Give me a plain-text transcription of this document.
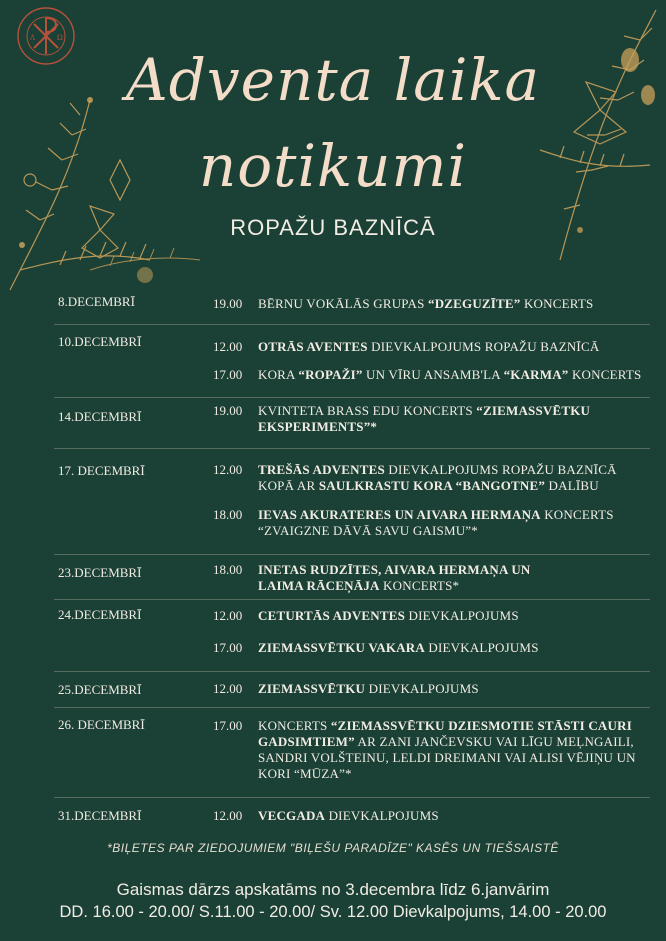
Λ	Ω
Adventa laika
notikumi
ROPAŽU BAZNĪCĀ
8.DECEMBRĪ	19.00 BĒRNU VOKĀLĀS GRUPAS “DZEGUZĪTE” KONCERTS
10.DECEMBRĪ	12.00 OTRĀS AVENTES DIEVKALPOJUMS ROPAŽU BAZNĪCĀ
17.00 KORA “ROPAŽI” UN VĪRU ANSAMB'LA “KARMA” KONCERTS
14.DECEMBRĪ	19.00 KVINTETA BRASS EDU KONCERTS “ZIEMASSVĒTKU EKSPERIMENTS”*
17. DECEMBRĪ	12.00 TREŠĀS ADVENTES DIEVKALPOJUMS ROPAŽU BAZNĪCĀ KOPĀ AR SAULKRASTU KORA “BANGOTNE” DALĪBU
18.00 IEVAS AKURATERES UN AIVARA HERMAŅA KONCERTS “ZVAIGZNE DĀVĀ SAVU GAISMU”*
23.DECEMBRĪ	18.00 INETAS RUDZĪTES, AIVARA HERMAŅA UN LAIMA RĀCEŅĀJA KONCERTS*
24.DECEMBRĪ	12.00 CETURTĀS ADVENTES DIEVKALPOJUMS
17.00 ZIEMASSVĒTKU VAKARA DIEVKALPOJUMS
25.DECEMBRĪ	12.00 ZIEMASSVĒTKU DIEVKALPOJUMS
26. DECEMBRĪ	17.00 KONCERTS “ZIEMASSVĒTKU DZIESMOTIE STĀSTI CAURI GADSIMTIEM” AR ZANI JANČEVSKU VAI LĪGU MEĻNGAILI, SANDRI VOLŠTEINU, LELDI DREIMANI VAI ALISI VĒJIŅU UN KORI “MŪZA”*
31.DECEMBRĪ	12.00 VECGADA DIEVKALPOJUMS
*BIĻETES PAR ZIEDOJUMIEM "BIĻEŠU PARADĪZE" KASĒS UN TIEŠSAISTĒ
Gaismas dārzs apskatāms no 3.decembra līdz 6.janvārim
DD. 16.00 - 20.00/ S.11.00 - 20.00/ Sv. 12.00 Dievkalpojums, 14.00 - 20.00
